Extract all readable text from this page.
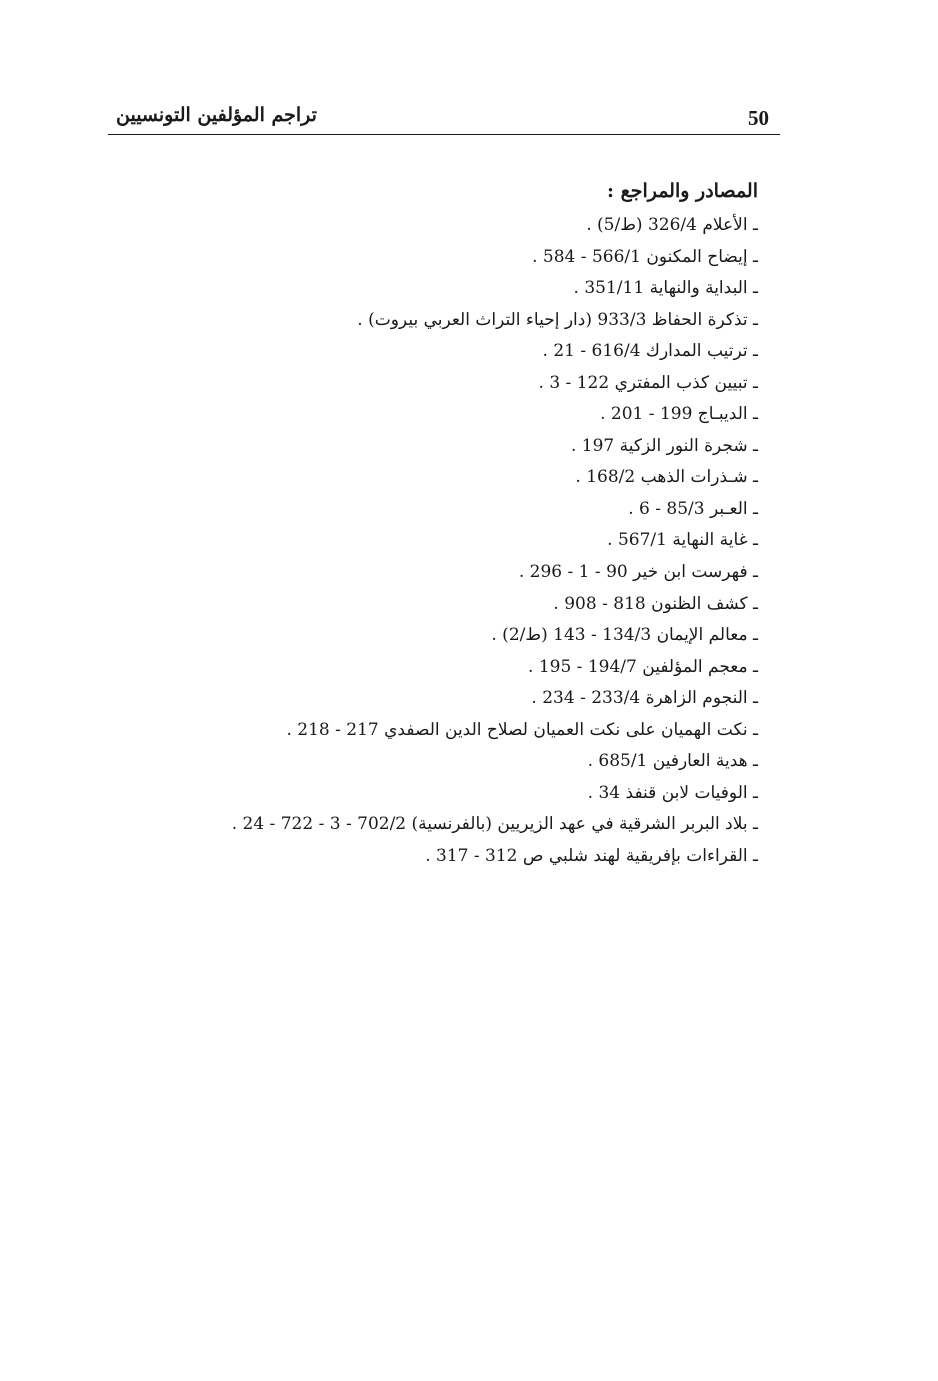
50
تراجم المؤلفين التونسيين
المصادر والمراجع :
ـ الأعلام 326/4 (ط/5) .
ـ إيضاح المكنون 566/1 - 584 .
ـ البداية والنهاية 351/11 .
ـ تذكرة الحفاظ 933/3 (دار إحياء التراث العربي بيروت) .
ـ ترتيب المدارك 616/4 - 21 .
ـ تبيين كذب المفتري 122 - 3 .
ـ الديبـاج 199 - 201 .
ـ شجرة النور الزكية 197 .
ـ شـذرات الذهب 168/2 .
ـ العـبر 85/3 - 6 .
ـ غاية النهاية 567/1 .
ـ فهرست ابن خير 90 - 1 - 296 .
ـ كشف الظنون 818 - 908 .
ـ معالم الإيمان 134/3 - 143 (ط/2) .
ـ معجم المؤلفين 194/7 - 195 .
ـ النجوم الزاهرة 233/4 - 234 .
ـ نكت الهميان على نكت العميان لصلاح الدين الصفدي 217 - 218 .
ـ هدية العارفين 685/1 .
ـ الوفيات لابن قنفذ 34 .
ـ بلاد البربر الشرقية في عهد الزيريين (بالفرنسية) 702/2 - 3 - 722 - 24 .
ـ القراءات بإفريقية لهند شلبي ص 312 - 317 .
